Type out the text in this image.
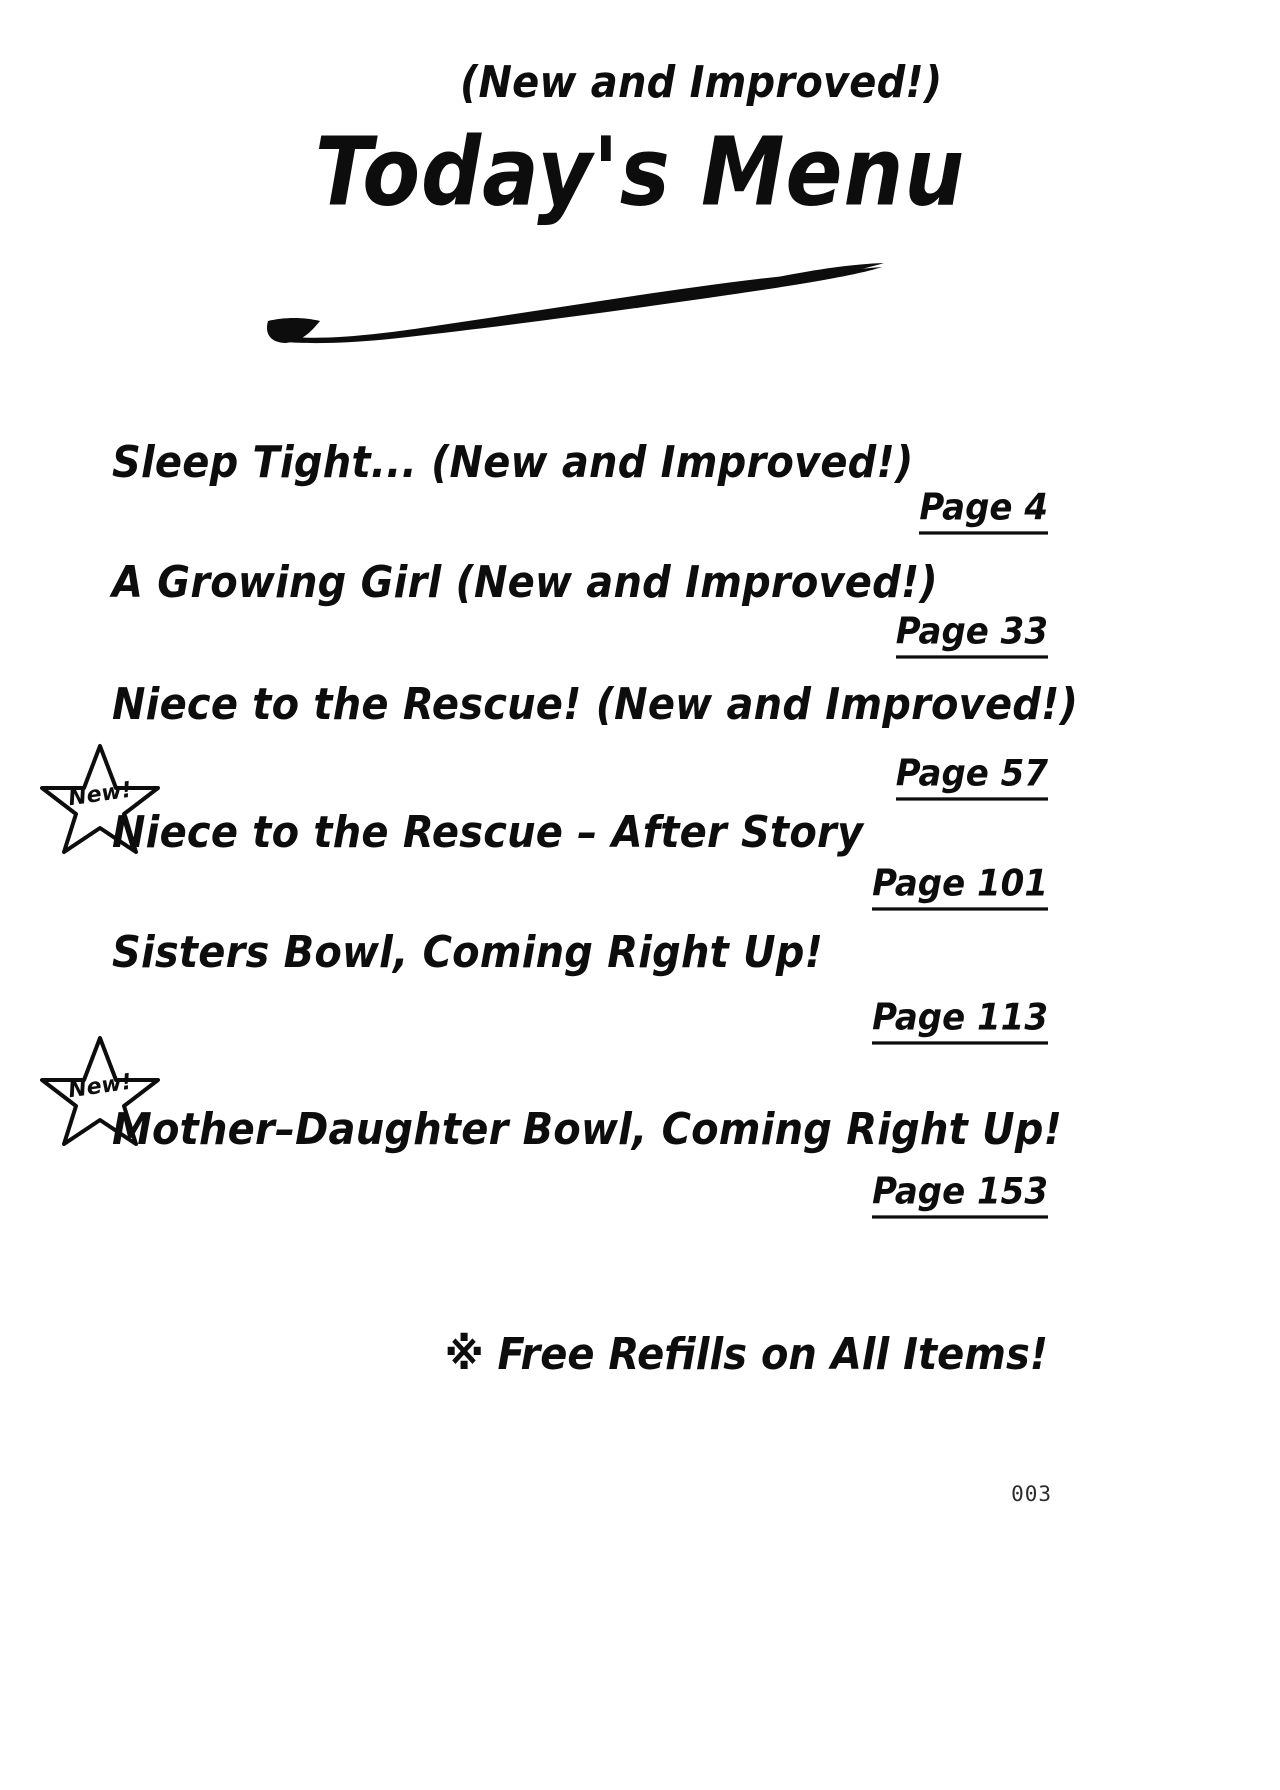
Today's Menu
Sleep Tight... (New and Improved!)
Page 4
A Growing Girl (New and Improved!)
Page 33
Niece to the Rescue! (New and Improved!)
Page 57
New!
Niece to the Rescue – After Story
Page 101
Sisters Bowl, Coming Right Up!
(New and Improved!)
Page 113
New!
Mother–Daughter Bowl, Coming Right Up!
Page 153
※ Free Refills on All Items!
003
